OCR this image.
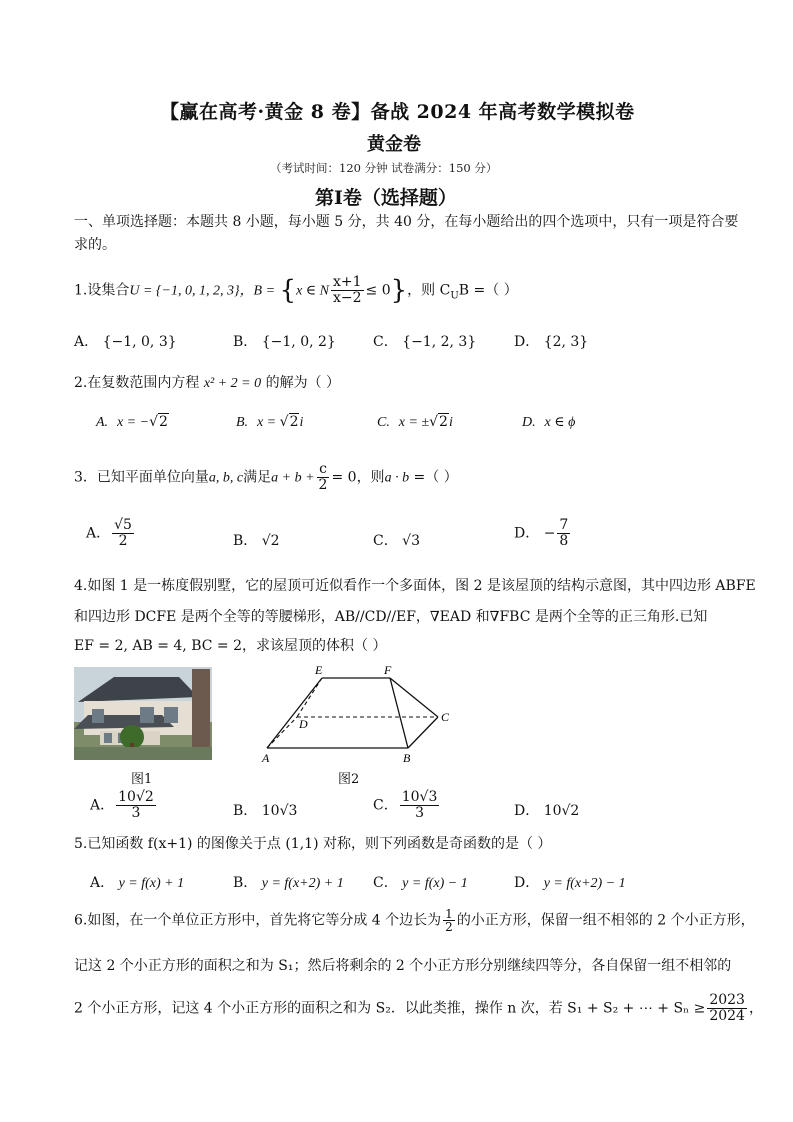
【赢在高考·黄金 8 卷】备战 2024 年高考数学模拟卷
黄金卷
（考试时间：120 分钟 试卷满分：150 分）
第Ⅰ卷（选择题）
一、单项选择题：本题共 8 小题，每小题 5 分，共 40 分，在每小题给出的四个选项中，只有一项是符合要
求的。
1.设集合U = {−1, 0, 1, 2, 3}，B = {x ∈ N $\frac{x+1}{x-2} \le 0$}，则 $C_UB$ =（ ）
A． {−1, 0, 3}	B． {−1, 0, 2}	C． {−1, 2, 3}	D． {2, 3}
2.在复数范围内方程 x² + 2 = 0 的解为（ ）
A. x = −√2	B. x = √2i	C. x = ±√2i	D. x ∈ ϕ
3．已知平面单位向量a, b, c满足$a + b + \frac{c}{2} = 0$，则a · b =（ ）
A． $\frac{√5}{2}$	B． √2	C． √3	D． − $\frac{7}{8}$
4.如图 1 是一栋度假别墅，它的屋顶可近似看作一个多面体，图 2 是该屋顶的结构示意图，其中四边形 ABFE
和四边形 DCFE 是两个全等的等腰梯形，AB//CD//EF，∇EAD 和∇FBC 是两个全等的正三角形.已知
EF = 2, AB = 4, BC = 2，求该屋顶的体积（ ）
图1
E	F
C
D
A	B
图2
A． $\frac{10√2}{3}$	B． 10√3	C． $\frac{10√3}{3}$	D． 10√2
5.已知函数 f(x+1) 的图像关于点 (1,1) 对称，则下列函数是奇函数的是（ ）
A． y = f(x) + 1	B． y = f(x+2) + 1 C． y = f(x) − 1	D． y = f(x+2) − 1
6.如图，在一个单位正方形中，首先将它等分成 4 个边长为 $\frac{1}{2}$ 的小正方形，保留一组不相邻的 2 个小正方形，
记这 2 个小正方形的面积之和为 S₁；然后将剩余的 2 个小正方形分别继续四等分，各自保留一组不相邻的
2 个小正方形，记这 4 个小正方形的面积之和为 S₂．以此类推，操作 n 次，若 S₁ + S₂ + ⋯ + $S_n \ge \frac{2023}{2024}$ ，
